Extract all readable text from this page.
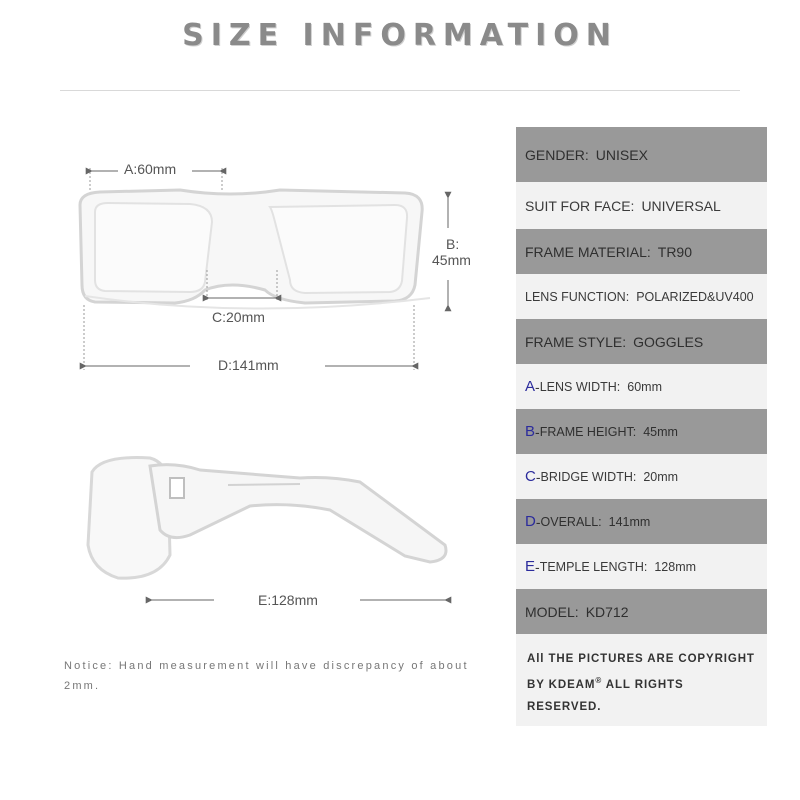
SIZE INFORMATION
A:60mm
B:
45mm
C:20mm
D:141mm
E:128mm
Notice: Hand measurement will have discrepancy of about 2mm.
GENDER: UNISEX
SUIT FOR FACE: UNIVERSAL
FRAME MATERIAL: TR90
LENS FUNCTION: POLARIZED&UV400
FRAME STYLE: GOGGLES
A - LENS WIDTH: 60mm
B - FRAME HEIGHT: 45mm
C - BRIDGE WIDTH: 20mm
D - OVERALL: 141mm
E - TEMPLE LENGTH: 128mm
MODEL: KD712
All THE PICTURES ARE COPYRIGHT
BY KDEAM® ALL RIGHTS RESERVED.
